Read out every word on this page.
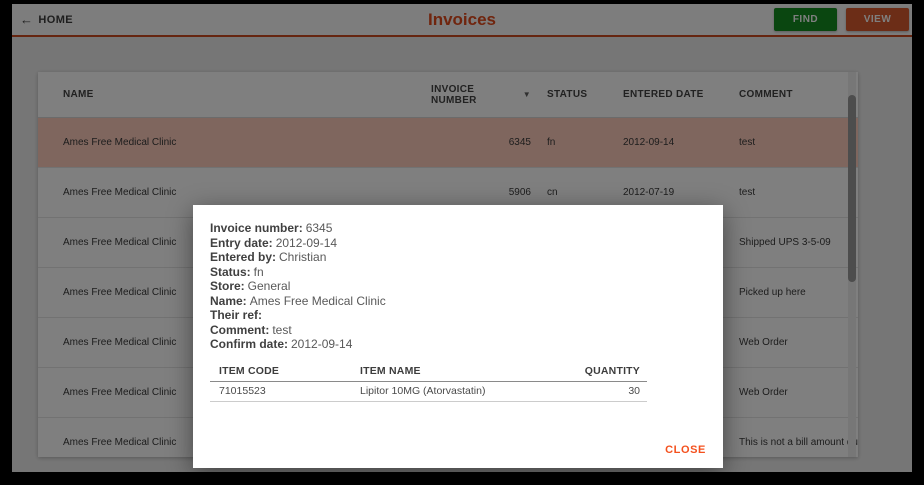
Invoice number: 6345
Entry date: 2012-09-14
Entered by: Christian
Status: fn
Store: General
Name: Ames Free Medical Clinic
Their ref:
Comment: test
Confirm date: 2012-09-14
ITEM CODE	ITEM NAME	QUANTITY
71015523	Lipitor 10MG (Atorvastatin)	30
CLOSE
